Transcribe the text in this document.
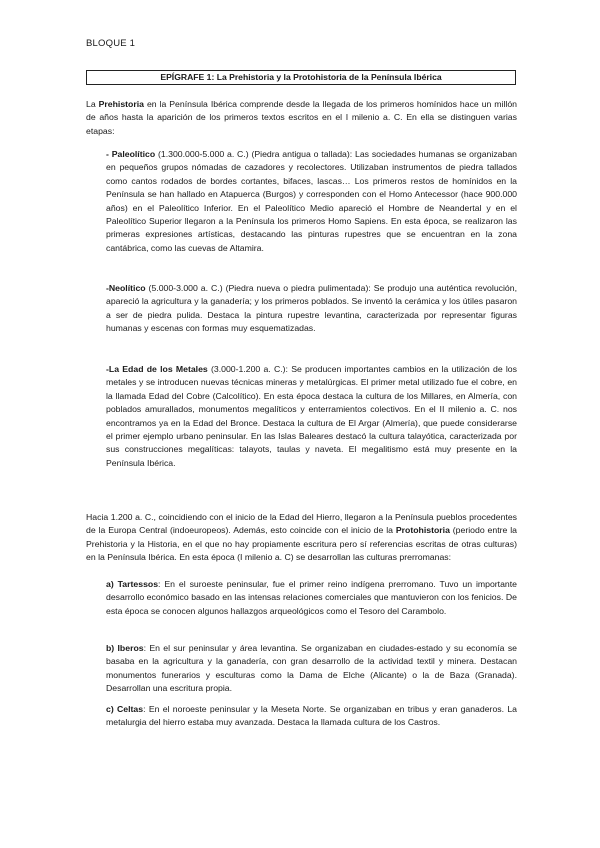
BLOQUE 1
EPÍGRAFE 1: La Prehistoria y la Protohistoria de la Península Ibérica

La Prehistoria en la Península Ibérica comprende desde la llegada de los primeros homínidos hace un millón de años hasta la aparición de los primeros textos escritos en el I milenio a. C. En ella se distinguen varias etapas:

- Paleolítico (1.300.000-5.000 a. C.) (Piedra antigua o tallada): Las sociedades humanas se organizaban en pequeños grupos nómadas de cazadores y recolectores. Utilizaban instrumentos de piedra tallados como cantos rodados de bordes cortantes, bifaces, lascas… Los primeros restos de homínidos en la Península se han hallado en Atapuerca (Burgos) y corresponden con el Homo Antecessor (hace 900.000 años) en el Paleolítico Inferior. En el Paleolítico Medio apareció el Hombre de Neandertal y en el Paleolítico Superior llegaron a la Península los primeros Homo Sapiens. En esta época, se realizaron las primeras expresiones artísticas, destacando las pinturas rupestres que se encuentran en la zona cantábrica, como las cuevas de Altamira.

-Neolítico (5.000-3.000 a. C.) (Piedra nueva o piedra pulimentada): Se produjo una auténtica revolución, apareció la agricultura y la ganadería; y los primeros poblados. Se inventó la cerámica y los útiles pasaron a ser de piedra pulida. Destaca la pintura rupestre levantina, caracterizada por representar figuras humanas y escenas con formas muy esquematizadas.

-La Edad de los Metales (3.000-1.200 a. C.): Se producen importantes cambios en la utilización de los metales y se introducen nuevas técnicas mineras y metalúrgicas. El primer metal utilizado fue el cobre, en la llamada Edad del Cobre (Calcolítico). En esta época destaca la cultura de los Millares, en Almería, con poblados amurallados, monumentos megalíticos y enterramientos colectivos. En el II milenio a. C. nos encontramos ya en la Edad del Bronce. Destaca la cultura de El Argar (Almería), que puede considerarse el primer ejemplo urbano peninsular. En las Islas Baleares destacó la cultura talayótica, caracterizada por sus construcciones megalíticas: talayots, taulas y naveta. El megalitismo está muy presente en la Península Ibérica.

Hacia 1.200 a. C., coincidiendo con el inicio de la Edad del Hierro, llegaron a la Península pueblos procedentes de la Europa Central (indoeuropeos). Además, esto coincide con el inicio de la Protohistoria (periodo entre la Prehistoria y la Historia, en el que no hay propiamente escritura pero sí referencias escritas de otras culturas) en la Península Ibérica. En esta época (I milenio a. C) se desarrollan las culturas prerromanas:

a) Tartessos: En el suroeste peninsular, fue el primer reino indígena prerromano. Tuvo un importante desarrollo económico basado en las intensas relaciones comerciales que mantuvieron con los fenicios. De esta época se conocen algunos hallazgos arqueológicos como el Tesoro del Carambolo.

b) Iberos: En el sur peninsular y área levantina. Se organizaban en ciudades-estado y su economía se basaba en la agricultura y la ganadería, con gran desarrollo de la actividad textil y minera. Destacan monumentos funerarios y esculturas como la Dama de Elche (Alicante) o la de Baza (Granada). Desarrollan una escritura propia.

c) Celtas: En el noroeste peninsular y la Meseta Norte. Se organizaban en tribus y eran ganaderos. La metalurgia del hierro estaba muy avanzada. Destaca la llamada cultura de los Castros.
